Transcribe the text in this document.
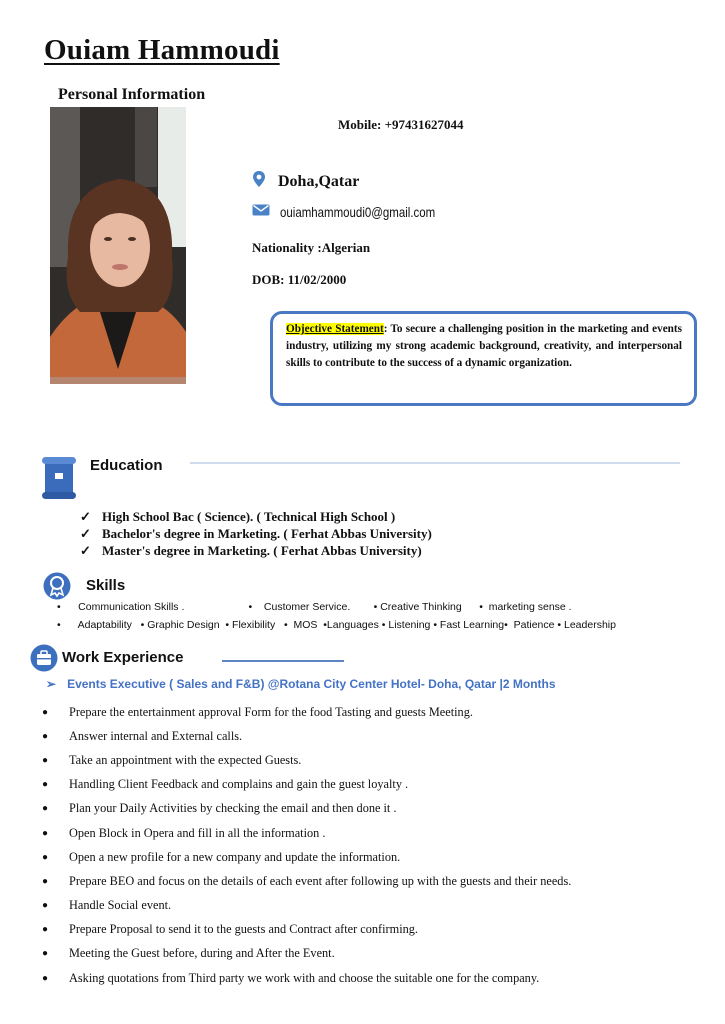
Ouiam Hammoudi
Personal Information
Mobile: +97431627044
Doha,Qatar
ouiamhammoudi0@gmail.com
Nationality :Algerian
DOB: 11/02/2000
Objective Statement: To secure a challenging position in the marketing and events industry, utilizing my strong academic background, creativity, and interpersonal skills to contribute to the success of a dynamic organization.
Education
✓ High School Bac ( Science). ( Technical High School )
✓ Bachelor's degree in Marketing. ( Ferhat Abbas University)
✓ Master's degree in Marketing. ( Ferhat Abbas University)
Skills
•      Communication Skills .                      •    Customer Service.        • Creative Thinking      •  marketing sense .
•      Adaptability   • Graphic Design  • Flexibility   •  MOS  •Languages • Listening • Fast Learning•  Patience • Leadership
Work Experience
➢ Events Executive ( Sales and F&B) @Rotana City Center Hotel- Doha, Qatar |2 Months
●	Prepare the entertainment approval Form for the food Tasting and guests Meeting.
●	Answer internal and External calls.
●	Take an appointment with the expected Guests.
●	Handling Client Feedback and complains and gain the guest loyalty .
●	Plan your Daily Activities by checking the email and then done it .
●	Open Block in Opera and fill in all the information .
●	Open a new profile for a new company and update the information.
●	Prepare BEO and focus on the details of each event after following up with the guests and their needs.
●	Handle Social event.
●	Prepare Proposal to send it to the guests and Contract after confirming.
●	Meeting the Guest before, during and After the Event.
●	Asking quotations from Third party we work with and choose the suitable one for the company.
